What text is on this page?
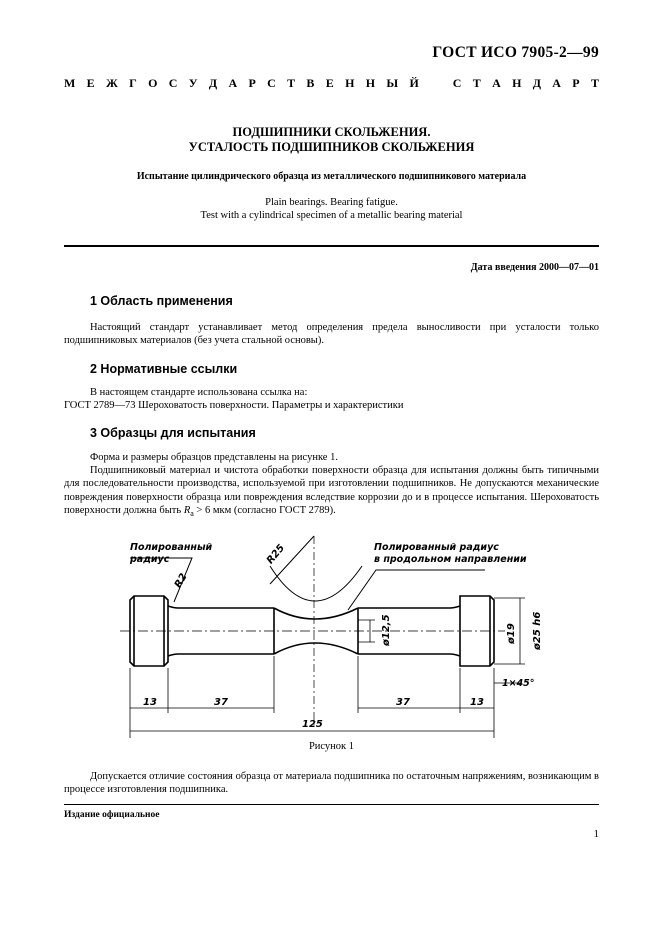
ГОСТ ИСО 7905-2—99
М Е Ж Г О С У Д А Р С Т В Е Н Н Ы Й	С Т А Н Д А Р Т
ПОДШИПНИКИ СКОЛЬЖЕНИЯ.
УСТАЛОСТЬ ПОДШИПНИКОВ СКОЛЬЖЕНИЯ
Испытание цилиндрического образца из металлического подшипникового материала
Plain bearings. Bearing fatigue.
Test with a cylindrical specimen of a metallic bearing material
Дата введения 2000—07—01
1 Область применения

Настоящий стандарт устанавливает метод определения предела выносливости при усталости только подшипниковых материалов (без учета стальной основы).

2 Нормативные ссылки

В настоящем стандарте использована ссылка на:

ГОСТ 2789—73 Шероховатость поверхности. Параметры и характеристики

3 Образцы для испытания

Форма и размеры образцов представлены на рисунке 1.

Подшипниковый материал и чистота обработки поверхности образца для испытания должны быть типичными для последовательности производства, используемой при изготовлении подшипников. Не допускаются механические повреждения поверхности образца или повреждения вследствие коррозии до и в процессе испытания. Шероховатость поверхности должна быть $R_a > 6$ мкм (согласно ГОСТ 2789).

Полированный
радиус
R2
R25	Полированный радиус
в продольном направлении
ø12,5	ø19 ø25 h6
1×45°
13	37	37	13
125
Рисунок 1

Допускается отличие состояния образца от материала подшипника по остаточным напряжениям, возникающим в процессе изготовления подшипника.

Издание официальное
1
